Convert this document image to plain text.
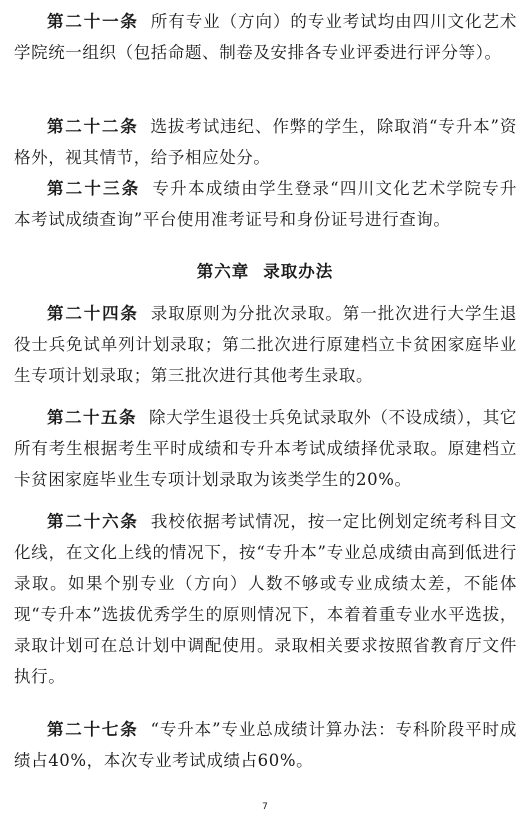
第二十一条 所有专业（方向）的专业考试均由四川文化艺术学院统一组织（包括命题、制卷及安排各专业评委进行评分等）。

第二十二条 选拔考试违纪、作弊的学生，除取消“专升本”资格外，视其情节，给予相应处分。

第二十三条 专升本成绩由学生登录“四川文化艺术学院专升本考试成绩查询”平台使用准考证号和身份证号进行查询。

第六章 录取办法

第二十四条 录取原则为分批次录取。第一批次进行大学生退役士兵免试单列计划录取；第二批次进行原建档立卡贫困家庭毕业生专项计划录取；第三批次进行其他考生录取。

第二十五条 除大学生退役士兵免试录取外（不设成绩），其它所有考生根据考生平时成绩和专升本考试成绩择优录取。原建档立卡贫困家庭毕业生专项计划录取为该类学生的20%。

第二十六条 我校依据考试情况，按一定比例划定统考科目文化线，在文化上线的情况下，按“专升本”专业总成绩由高到低进行录取。如果个别专业（方向）人数不够或专业成绩太差，不能体现“专升本”选拔优秀学生的原则情况下，本着着重专业水平选拔，录取计划可在总计划中调配使用。录取相关要求按照省教育厅文件执行。

第二十七条 “专升本”专业总成绩计算办法：专科阶段平时成绩占40%，本次专业考试成绩占60%。

7
